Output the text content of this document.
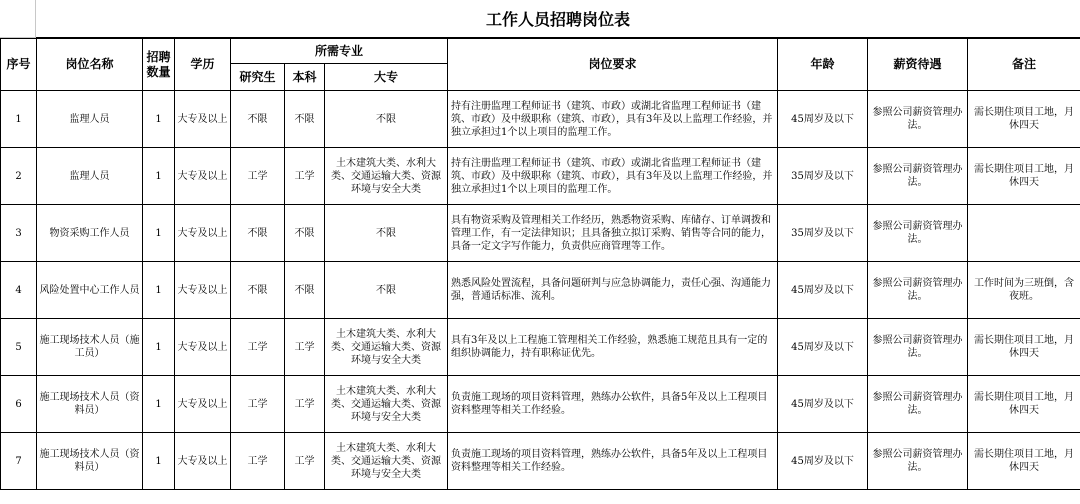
工作人员招聘岗位表
序号	岗位名称	招聘数量	学历	所需专业			岗位要求	年龄	薪资待遇	备注
				研究生	本科	大专				
1	监理人员	1	大专及以上	不限	不限	不限	持有注册监理工程师证书（建筑、市政）或湖北省监理工程师证书（建筑、市政）及中级职称（建筑、市政），具有3年及以上监理工作经验，并独立承担过1个以上项目的监理工作。	45周岁及以下	参照公司薪资管理办法。	需长期住项目工地，月休四天
2	监理人员	1	大专及以上	工学	工学	土木建筑大类、水利大类、交通运输大类、资源环境与安全大类	持有注册监理工程师证书（建筑、市政）或湖北省监理工程师证书（建筑、市政）及中级职称（建筑、市政），具有3年及以上监理工作经验，并独立承担过1个以上项目的监理工作。	35周岁及以下	参照公司薪资管理办法。	需长期住项目工地，月休四天
3	物资采购工作人员	1	大专及以上	不限	不限	不限	具有物资采购及管理相关工作经历，熟悉物资采购、库储存、订单调拨和管理工作，有一定法律知识；且具备独立拟订采购、销售等合同的能力，具备一定文字写作能力，负责供应商管理等工作。	35周岁及以下	参照公司薪资管理办法。	
4	风险处置中心工作人员	1	大专及以上	不限	不限	不限	熟悉风险处置流程，具备问题研判与应急协调能力，责任心强、沟通能力强，普通话标准、流利。	45周岁及以下	参照公司薪资管理办法。	工作时间为三班倒，含夜班。
5	施工现场技术人员（施工员）	1	大专及以上	工学	工学	土木建筑大类、水利大类、交通运输大类、资源环境与安全大类	具有3年及以上工程施工管理相关工作经验，熟悉施工规范且具有一定的组织协调能力，持有职称证优先。	45周岁及以下	参照公司薪资管理办法。	需长期住项目工地，月休四天
6	施工现场技术人员（资料员）	1	大专及以上	工学	工学	土木建筑大类、水利大类、交通运输大类、资源环境与安全大类	负责施工现场的项目资料管理，熟练办公软件，具备5年及以上工程项目资料整理等相关工作经验。	45周岁及以下	参照公司薪资管理办法。	需长期住项目工地，月休四天
7	施工现场技术人员（资料员）	1	大专及以上	工学	工学	土木建筑大类、水利大类、交通运输大类、资源环境与安全大类	负责施工现场的项目资料管理，熟练办公软件，具备5年及以上工程项目资料整理等相关工作经验。	45周岁及以下	参照公司薪资管理办法。	需长期住项目工地，月休四天
